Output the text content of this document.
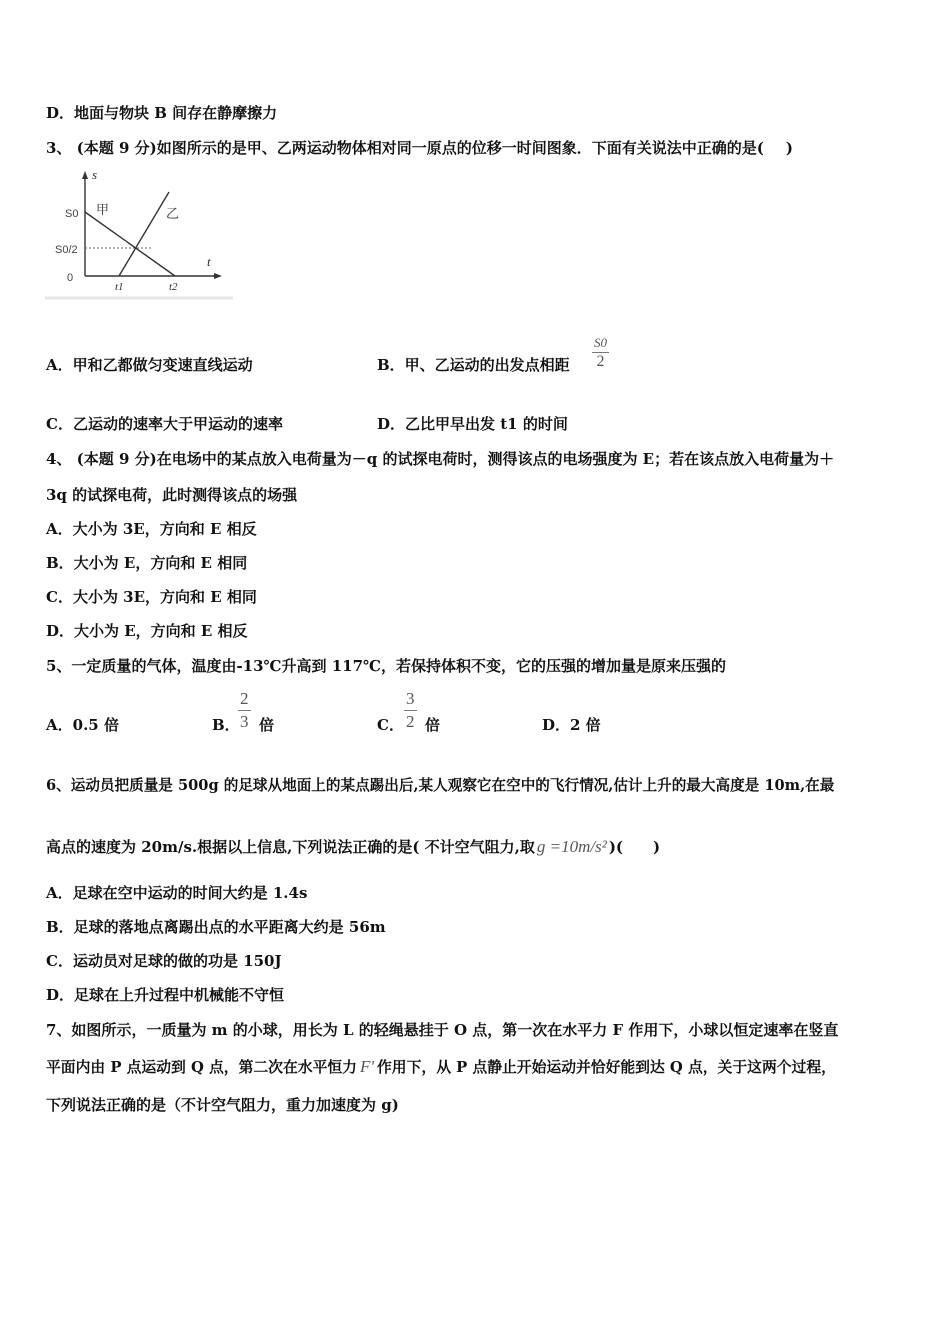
D．地面与物块 B 间存在静摩擦力
3、 (本题 9 分)如图所示的是甲、乙两运动物体相对同一原点的位移一时间图象．下面有关说法中正确的是( )
s
t
S0
S0/2
0
t1	t2
甲	乙
A．甲和乙都做匀变速直线运动	B．甲、乙运动的出发点相距
S0
2
C．乙运动的速率大于甲运动的速率	D．乙比甲早出发 t1 的时间
4、 (本题 9 分)在电场中的某点放入电荷量为－q 的试探电荷时，测得该点的电场强度为 E；若在该点放入电荷量为＋
3q 的试探电荷，此时测得该点的场强
A．大小为 3E，方向和 E 相反
B．大小为 E，方向和 E 相同
C．大小为 3E，方向和 E 相同
D．大小为 E，方向和 E 相反
5、一定质量的气体，温度由-13℃升高到 117℃，若保持体积不变，它的压强的增加量是原来压强的
A．0.5 倍	B．
$\frac{2}{3}$ 倍	C． $\frac{3}{2}$ 倍	D．2 倍
6、运动员把质量是 500g 的足球从地面上的某点踢出后,某人观察它在空中的飞行情况,估计上升的最大高度是 10m,在最
高点的速度为 20m/s.根据以上信息,下列说法正确的是( 不计空气阻力,取 g =10m/s² )(　　)
A．足球在空中运动的时间大约是 1.4s
B．足球的落地点离踢出点的水平距离大约是 56m
C．运动员对足球的做的功是 150J
D．足球在上升过程中机械能不守恒
7、如图所示，一质量为 m 的小球，用长为 L 的轻绳悬挂于 O 点，第一次在水平力 F 作用下，小球以恒定速率在竖直
平面内由 P 点运动到 Q 点，第二次在水平恒力 F' 作用下，从 P 点静止开始运动并恰好能到达 Q 点，关于这两个过程，
下列说法正确的是（不计空气阻力，重力加速度为 g)
